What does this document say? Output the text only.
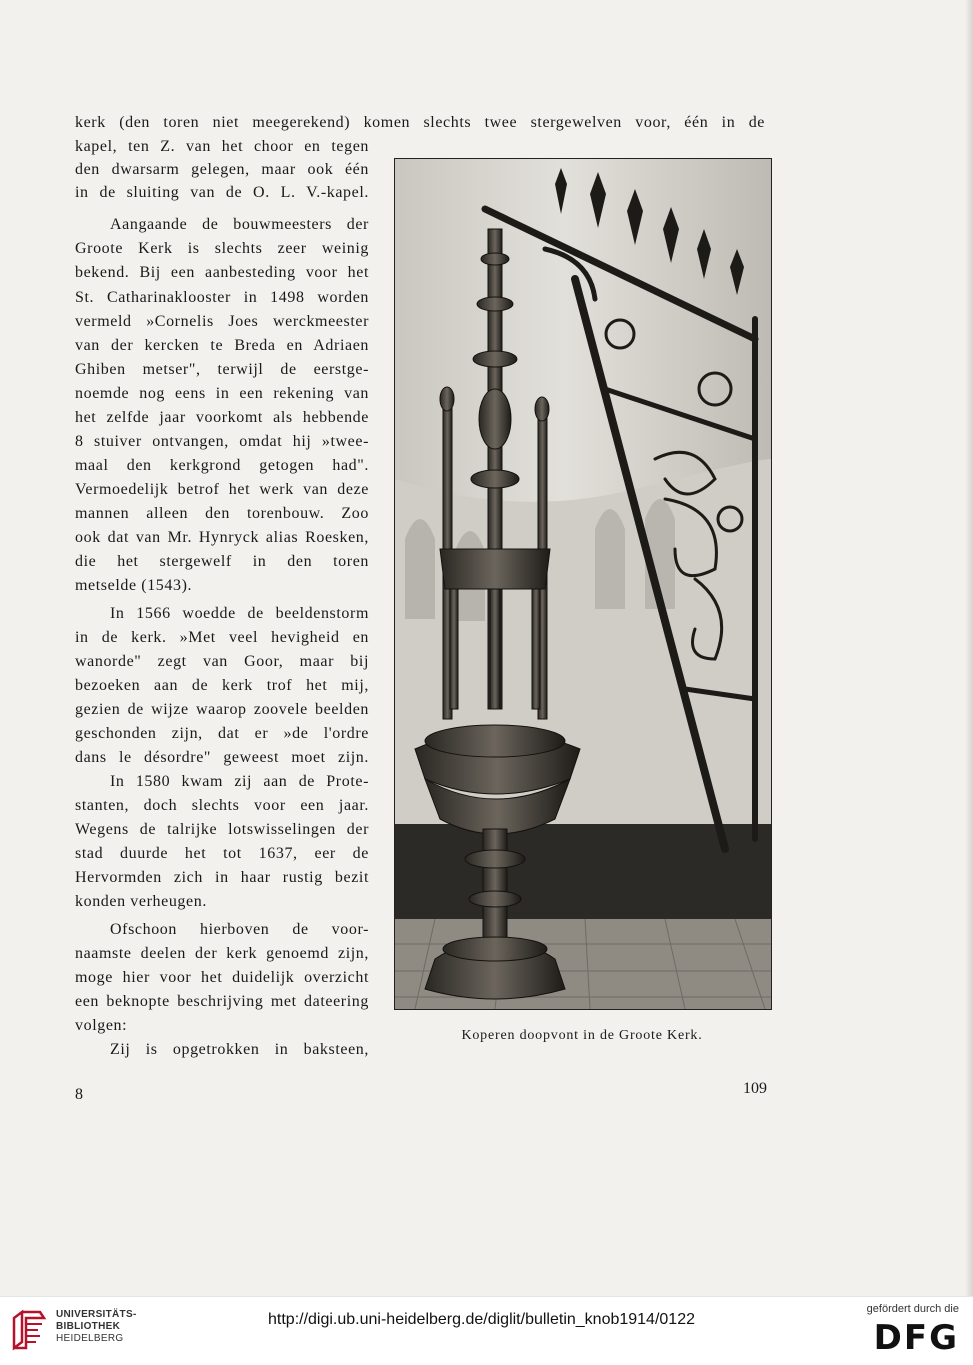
kerk (den toren niet meegerekend) komen slechts twee stergewelven voor, één in de
kapel, ten Z. van het choor en tegen
den dwarsarm gelegen, maar ook één
in de sluiting van de O. L. V.-kapel.
Aangaande de bouwmeesters der
Groote Kerk is slechts zeer weinig
bekend. Bij een aanbesteding voor het
St. Catharinaklooster in 1498 worden
vermeld »Cornelis Joes werckmeester
van der kercken te Breda en Adriaen
Ghiben metser", terwijl de eerstge-
noemde nog eens in een rekening van
het zelfde jaar voorkomt als hebbende
8 stuiver ontvangen, omdat hij »twee-
maal den kerkgrond getogen had".
Vermoedelijk betrof het werk van deze
mannen alleen den torenbouw. Zoo
ook dat van Mr. Hynryck alias Roesken,
die het stergewelf in den toren
metselde (1543).
In 1566 woedde de beeldenstorm
in de kerk. »Met veel hevigheid en
wanorde" zegt van Goor, maar bij
bezoeken aan de kerk trof het mij,
gezien de wijze waarop zoovele beelden
geschonden zijn, dat er »de l'ordre
dans le désordre" geweest moet zijn.
In 1580 kwam zij aan de Prote-
stanten, doch slechts voor een jaar.
Wegens de talrijke lotswisselingen der
stad duurde het tot 1637, eer de
Hervormden zich in haar rustig bezit
konden verheugen.
Ofschoon hierboven de voor-
naamste deelen der kerk genoemd zijn,
moge hier voor het duidelijk overzicht
een beknopte beschrijving met dateering
volgen:
Zij is opgetrokken in baksteen,
Koperen doopvont in de Groote Kerk.
8	109
UNIVERSITÄTS-
BIBLIOTHEK
HEIDELBERG
http://digi.ub.uni-heidelberg.de/diglit/bulletin_knob1914/0122
gefördert durch die
DFG
